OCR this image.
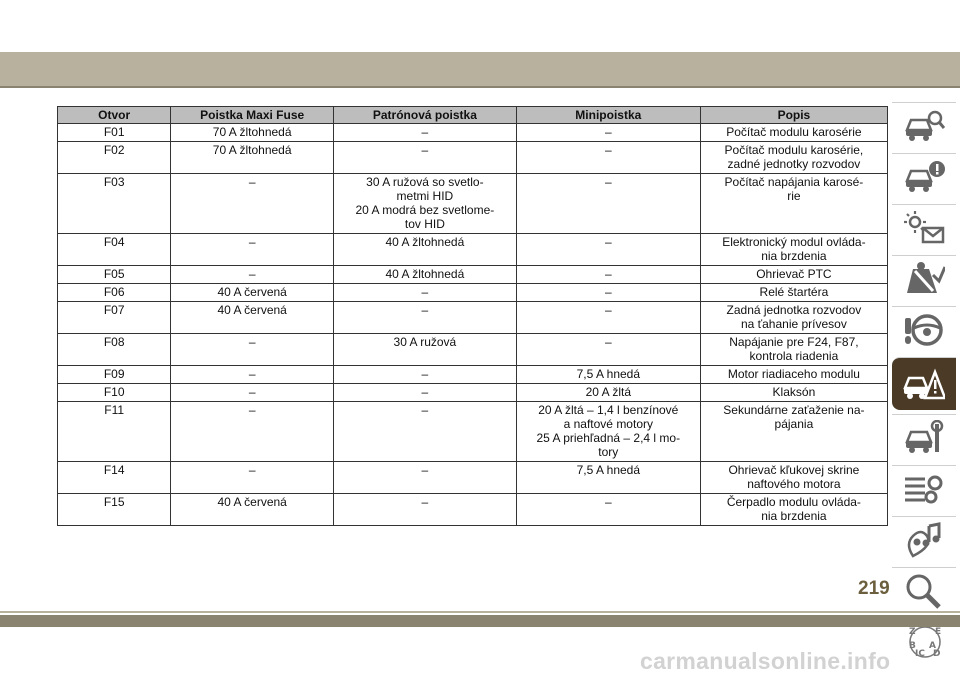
Otvor	Poistka Maxi Fuse	Patrónová poistka	Minipoistka	Popis
F01	70 A žltohnedá	–	–	Počítač modulu karosérie

F02	70 A žltohnedá	–	–	Počítač modulu karosérie,
zadné jednotky rozvodov

F03	–	30 A ružová so svetlo-
metmi HID
20 A modrá bez svetlome-
tov HID	–	Počítač napájania karosé-
rie

F04	–	40 A žltohnedá	–	Elektronický modul ovláda-
nia brzdenia

F05	–	40 A žltohnedá	–	Ohrievač PTC

F06	40 A červená	–	–	Relé štartéra

F07	40 A červená	–	–	Zadná jednotka rozvodov
na ťahanie prívesov

F08	–	30 A ružová	–	Napájanie pre F24, F87,
kontrola riadenia

F09	–	–	7,5 A hnedá	Motor riadiaceho modulu

F10	–	–	20 A žltá	Klaksón

F11	–	–	20 A žltá – 1,4 l benzínové
a naftové motory
25 A priehľadná – 2,4 l mo-
tory	Sekundárne zaťaženie na-
pájania

F14	–	–	7,5 A hnedá	Ohrievač kľukovej skrine
naftového motora

F15	40 A červená	–	–	Čerpadlo modulu ovláda-
nia brzdenia
Z E
B A
IC D
219
carmanualsonline.info
